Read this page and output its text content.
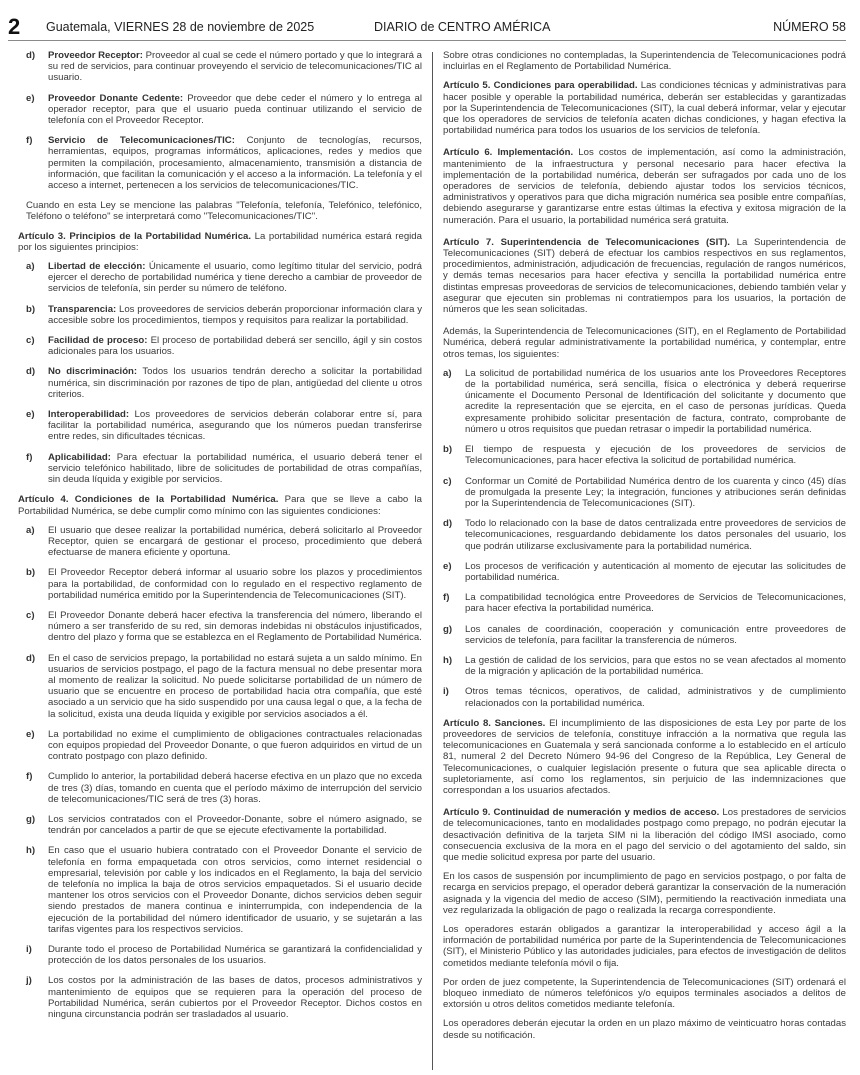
2 Guatemala, VIERNES 28 de noviembre de 2025	DIARIO de CENTRO AMÉRICA	NÚMERO 58
d)	Proveedor Receptor: Proveedor al cual se cede el número portado y que lo integrará a su red de servicios, para continuar proveyendo el servicio de telecomunicaciones/TIC al usuario.
e)	Proveedor Donante Cedente: Proveedor que debe ceder el número y lo entrega al operador receptor, para que el usuario pueda continuar utilizando el servicio de telefonía con el Proveedor Receptor.
f)	Servicio de Telecomunicaciones/TIC: Conjunto de tecnologías, recursos, herramientas, equipos, programas informáticos, aplicaciones, redes y medios que permiten la compilación, procesamiento, almacenamiento, transmisión a distancia de información, que facilitan la comunicación y el acceso a la información. La telefonía y el acceso a internet, pertenecen a los servicios de telecomunicaciones/TIC.

Cuando en esta Ley se mencione las palabras "Telefonía, telefonía, Telefónico, telefónico, Teléfono o teléfono" se interpretará como "Telecomunicaciones/TIC".

Artículo 3. Principios de la Portabilidad Numérica. La portabilidad numérica estará regida por los siguientes principios:

a)	Libertad de elección: Únicamente el usuario, como legítimo titular del servicio, podrá ejercer el derecho de portabilidad numérica y tiene derecho a cambiar de proveedor de servicios de telefonía, sin perder su número de teléfono.
b)	Transparencia: Los proveedores de servicios deberán proporcionar información clara y accesible sobre los procedimientos, tiempos y requisitos para realizar la portabilidad.
c)	Facilidad de proceso: El proceso de portabilidad deberá ser sencillo, ágil y sin costos adicionales para los usuarios.
d)	No discriminación: Todos los usuarios tendrán derecho a solicitar la portabilidad numérica, sin discriminación por razones de tipo de plan, antigüedad del cliente u otros criterios.
e)	Interoperabilidad: Los proveedores de servicios deberán colaborar entre sí, para facilitar la portabilidad numérica, asegurando que los números puedan transferirse entre redes, sin dificultades técnicas.
f)	Aplicabilidad: Para efectuar la portabilidad numérica, el usuario deberá tener el servicio telefónico habilitado, libre de solicitudes de portabilidad de otras compañías, sin deuda líquida y exigible por servicios.

Artículo 4. Condiciones de la Portabilidad Numérica. Para que se lleve a cabo la Portabilidad Numérica, se debe cumplir como mínimo con las siguientes condiciones:

a)	El usuario que desee realizar la portabilidad numérica, deberá solicitarlo al Proveedor Receptor, quien se encargará de gestionar el proceso, procedimiento que deberá efectuarse de manera eficiente y oportuna.
b)	El Proveedor Receptor deberá informar al usuario sobre los plazos y procedimientos para la portabilidad, de conformidad con lo regulado en el respectivo reglamento de portabilidad numérica emitido por la Superintendencia de Telecomunicaciones (SIT).
c)	El Proveedor Donante deberá hacer efectiva la transferencia del número, liberando el número a ser transferido de su red, sin demoras indebidas ni obstáculos injustificados, dentro del plazo y forma que se establezca en el Reglamento de Portabilidad Numérica.
d)	En el caso de servicios prepago, la portabilidad no estará sujeta a un saldo mínimo. En usuarios de servicios postpago, el pago de la factura mensual no debe presentar mora al momento de realizar la solicitud. No puede solicitarse portabilidad de un número de usuario que se encuentre en proceso de portabilidad hacia otra compañía, que esté asociado a un servicio que ha sido suspendido por una causa legal o que, a la fecha de la solicitud, exista una deuda líquida y exigible por servicios asociados a él.
e)	La portabilidad no exime el cumplimiento de obligaciones contractuales relacionadas con equipos propiedad del Proveedor Donante, o que fueron adquiridos en virtud de un contrato postpago con plazo definido.
f)	Cumplido lo anterior, la portabilidad deberá hacerse efectiva en un plazo que no exceda de tres (3) días, tomando en cuenta que el período máximo de interrupción del servicio de telecomunicaciones/TIC será de tres (3) horas.
g)	Los servicios contratados con el Proveedor-Donante, sobre el número asignado, se tendrán por cancelados a partir de que se ejecute efectivamente la portabilidad.
h)	En caso que el usuario hubiera contratado con el Proveedor Donante el servicio de telefonía en forma empaquetada con otros servicios, como internet residencial o empresarial, televisión por cable y los indicados en el Reglamento, la baja del servicio de telefonía no implica la baja de otros servicios empaquetados. Si el usuario decide mantener los otros servicios con el Proveedor Donante, dichos servicios deben seguir siendo prestados de manera continua e ininterrumpida, con independencia de la ejecución de la portabilidad del número identificador de usuario, y se sujetarán a las tarifas vigentes para los respectivos servicios.
i)	Durante todo el proceso de Portabilidad Numérica se garantizará la confidencialidad y protección de los datos personales de los usuarios.
j)	Los costos por la administración de las bases de datos, procesos administrativos y mantenimiento de equipos que se requieren para la operación del proceso de Portabilidad Numérica, serán cubiertos por el Proveedor Receptor. Dichos costos en ninguna circunstancia podrán ser trasladados al usuario.

Sobre otras condiciones no contempladas, la Superintendencia de Telecomunicaciones podrá incluirlas en el Reglamento de Portabilidad Numérica.

Artículo 5. Condiciones para operabilidad. Las condiciones técnicas y administrativas para hacer posible y operable la portabilidad numérica, deberán ser establecidas y garantizadas por la Superintendencia de Telecomunicaciones (SIT), la cual deberá informar, velar y ejecutar que los operadores de servicios de telefonía acaten dichas condiciones, y hagan efectiva la portabilidad numérica para todos los usuarios de los servicios de telefonía.

Artículo 6. Implementación. Los costos de implementación, así como la administración, mantenimiento de la infraestructura y personal necesario para hacer efectiva la implementación de la portabilidad numérica, deberán ser sufragados por cada uno de los operadores de servicios de telefonía, debiendo ajustar todos los servicios técnicos, administrativos y operativos para que dicha migración numérica sea posible entre compañías, debiendo asegurarse y garantizarse entre estas últimas la efectiva y exitosa migración de la numeración. Para el usuario, la portabilidad numérica será gratuita.

Artículo 7. Superintendencia de Telecomunicaciones (SIT). La Superintendencia de Telecomunicaciones (SIT) deberá de efectuar los cambios respectivos en sus reglamentos, procedimientos, administración, adjudicación de frecuencias, regulación de rangos numéricos, y demás temas necesarios para hacer efectiva y sencilla la portabilidad numérica entre distintas empresas proveedoras de servicios de telecomunicaciones, debiendo también velar y asegurar que ejecuten sin problemas ni contratiempos para los usuarios, la portación de números que les sean solicitadas.

Además, la Superintendencia de Telecomunicaciones (SIT), en el Reglamento de Portabilidad Numérica, deberá regular administrativamente la portabilidad numérica, y contemplar, entre otros temas, los siguientes:

a)	La solicitud de portabilidad numérica de los usuarios ante los Proveedores Receptores de la portabilidad numérica, será sencilla, física o electrónica y deberá requerirse únicamente el Documento Personal de Identificación del solicitante y documento que acredite la representación que se ejercita, en el caso de personas jurídicas. Queda expresamente prohibido solicitar presentación de factura, contrato, comprobante de número u otros requisitos que puedan retrasar o impedir la portabilidad numérica.
b)	El tiempo de respuesta y ejecución de los proveedores de servicios de Telecomunicaciones, para hacer efectiva la solicitud de portabilidad numérica.
c)	Conformar un Comité de Portabilidad Numérica dentro de los cuarenta y cinco (45) días de promulgada la presente Ley; la integración, funciones y atribuciones serán definidas por la Superintendencia de Telecomunicaciones (SIT).
d)	Todo lo relacionado con la base de datos centralizada entre proveedores de servicios de telecomunicaciones, resguardando debidamente los datos personales del usuario, los que podrán utilizarse exclusivamente para la portabilidad numérica.
e)	Los procesos de verificación y autenticación al momento de ejecutar las solicitudes de portabilidad numérica.
f)	La compatibilidad tecnológica entre Proveedores de Servicios de Telecomunicaciones, para hacer efectiva la portabilidad numérica.
g)	Los canales de coordinación, cooperación y comunicación entre proveedores de servicios de telefonía, para facilitar la transferencia de números.
h)	La gestión de calidad de los servicios, para que estos no se vean afectados al momento de la migración y aplicación de la portabilidad numérica.
i)	Otros temas técnicos, operativos, de calidad, administrativos y de cumplimiento relacionados con la portabilidad numérica.

Artículo 8. Sanciones. El incumplimiento de las disposiciones de esta Ley por parte de los proveedores de servicios de telefonía, constituye infracción a la normativa que regula las telecomunicaciones en Guatemala y será sancionada conforme a lo establecido en el artículo 81, numeral 2 del Decreto Número 94-96 del Congreso de la República, Ley General de Telecomunicaciones, o cualquier legislación presente o futura que sea aplicable directa o supletoriamente, así como los reglamentos, sin perjuicio de las indemnizaciones que correspondan a los usuarios afectados.

Artículo 9. Continuidad de numeración y medios de acceso. Los prestadores de servicios de telecomunicaciones, tanto en modalidades postpago como prepago, no podrán ejecutar la desactivación definitiva de la tarjeta SIM ni la liberación del código IMSI asociado, como consecuencia exclusiva de la mora en el pago del servicio o del agotamiento del saldo, sin que medie solicitud expresa por parte del usuario.

En los casos de suspensión por incumplimiento de pago en servicios postpago, o por falta de recarga en servicios prepago, el operador deberá garantizar la conservación de la numeración asignada y la vigencia del medio de acceso (SIM), permitiendo la reactivación inmediata una vez regularizada la obligación de pago o realizada la recarga correspondiente.

Los operadores estarán obligados a garantizar la interoperabilidad y acceso ágil a la información de portabilidad numérica por parte de la Superintendencia de Telecomunicaciones (SIT), el Ministerio Público y las autoridades judiciales, para efectos de investigación de delitos cometidos mediante telefonía móvil o fija.

Por orden de juez competente, la Superintendencia de Telecomunicaciones (SIT) ordenará el bloqueo inmediato de números telefónicos y/o equipos terminales asociados a delitos de extorsión u otros delitos cometidos mediante telefonía.

Los operadores deberán ejecutar la orden en un plazo máximo de veinticuatro horas contadas desde su notificación.
